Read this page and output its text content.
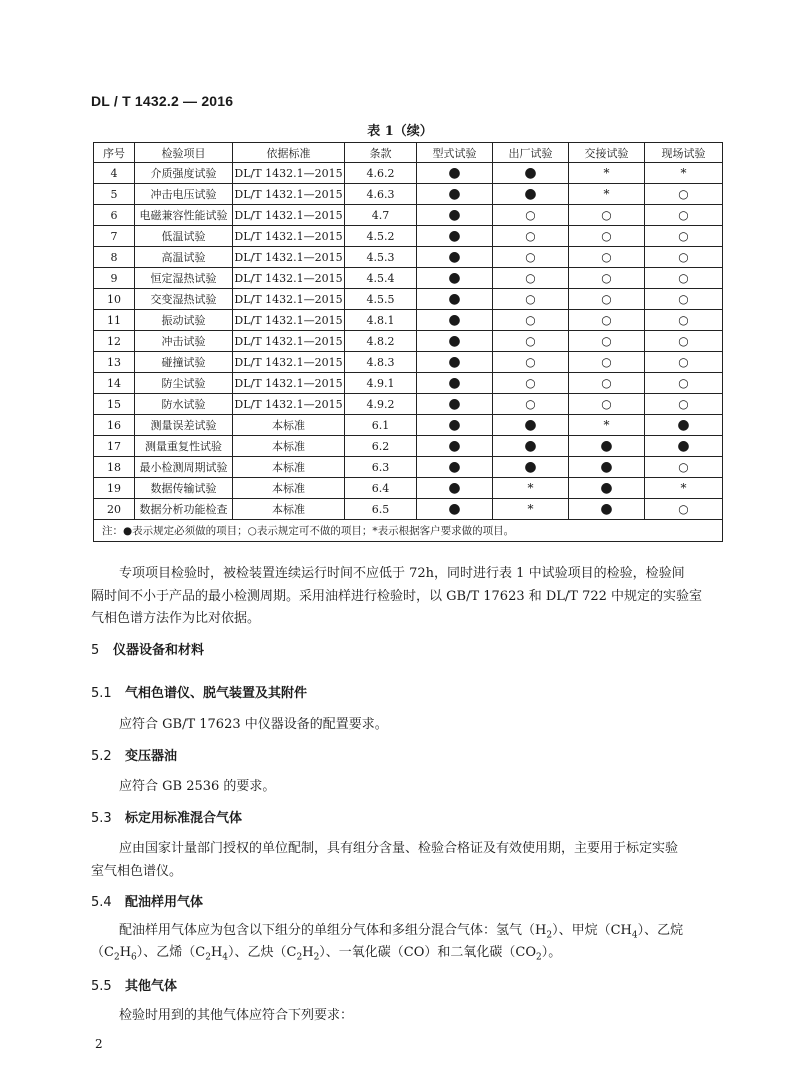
DL / T 1432.2 — 2016
表 1（续）
序号	检验项目	依据标准	条款	型式试验	出厂试验	交接试验	现场试验
4	介质强度试验	DL/T 1432.1—2015	4.6.2	●	●	*	*
5	冲击电压试验	DL/T 1432.1—2015	4.6.3	●	●	*	○
6	电磁兼容性能试验	DL/T 1432.1—2015	4.7	●	○	○	○
7	低温试验	DL/T 1432.1—2015	4.5.2	●	○	○	○
8	高温试验	DL/T 1432.1—2015	4.5.3	●	○	○	○
9	恒定湿热试验	DL/T 1432.1—2015	4.5.4	●	○	○	○
10	交变湿热试验	DL/T 1432.1—2015	4.5.5	●	○	○	○
11	振动试验	DL/T 1432.1—2015	4.8.1	●	○	○	○
12	冲击试验	DL/T 1432.1—2015	4.8.2	●	○	○	○
13	碰撞试验	DL/T 1432.1—2015	4.8.3	●	○	○	○
14	防尘试验	DL/T 1432.1—2015	4.9.1	●	○	○	○
15	防水试验	DL/T 1432.1—2015	4.9.2	●	○	○	○
16	测量误差试验	本标准	6.1	●	●	*	●
17	测量重复性试验	本标准	6.2	●	●	●	●
18	最小检测周期试验	本标准	6.3	●	●	●	○
19	数据传输试验	本标准	6.4	●	*	●	*
20	数据分析功能检查	本标准	6.5	●	*	●	○
注：●表示规定必须做的项目；○表示规定可不做的项目；*表示根据客户要求做的项目。							
专项项目检验时，被检装置连续运行时间不应低于 72h，同时进行表 1 中试验项目的检验，检验间
隔时间不小于产品的最小检测周期。采用油样进行检验时，以 GB/T 17623 和 DL/T 722 中规定的实验室
气相色谱方法作为比对依据。
5 仪器设备和材料
5.1 气相色谱仪、脱气装置及其附件
应符合 GB/T 17623 中仪器设备的配置要求。
5.2 变压器油
应符合 GB 2536 的要求。
5.3 标定用标准混合气体
应由国家计量部门授权的单位配制，具有组分含量、检验合格证及有效使用期，主要用于标定实验
室气相色谱仪。
5.4 配油样用气体
配油样用气体应为包含以下组分的单组分气体和多组分混合气体：氢气$(H_2)$、甲烷$(CH_4)$、乙烷
$(C_2H_6)$、乙烯$(C_2H_4)$、乙炔$(C_2H_2)$、一氧化碳（CO）和二氧化碳$(CO_2)$。
5.5 其他气体
检验时用到的其他气体应符合下列要求：
2
